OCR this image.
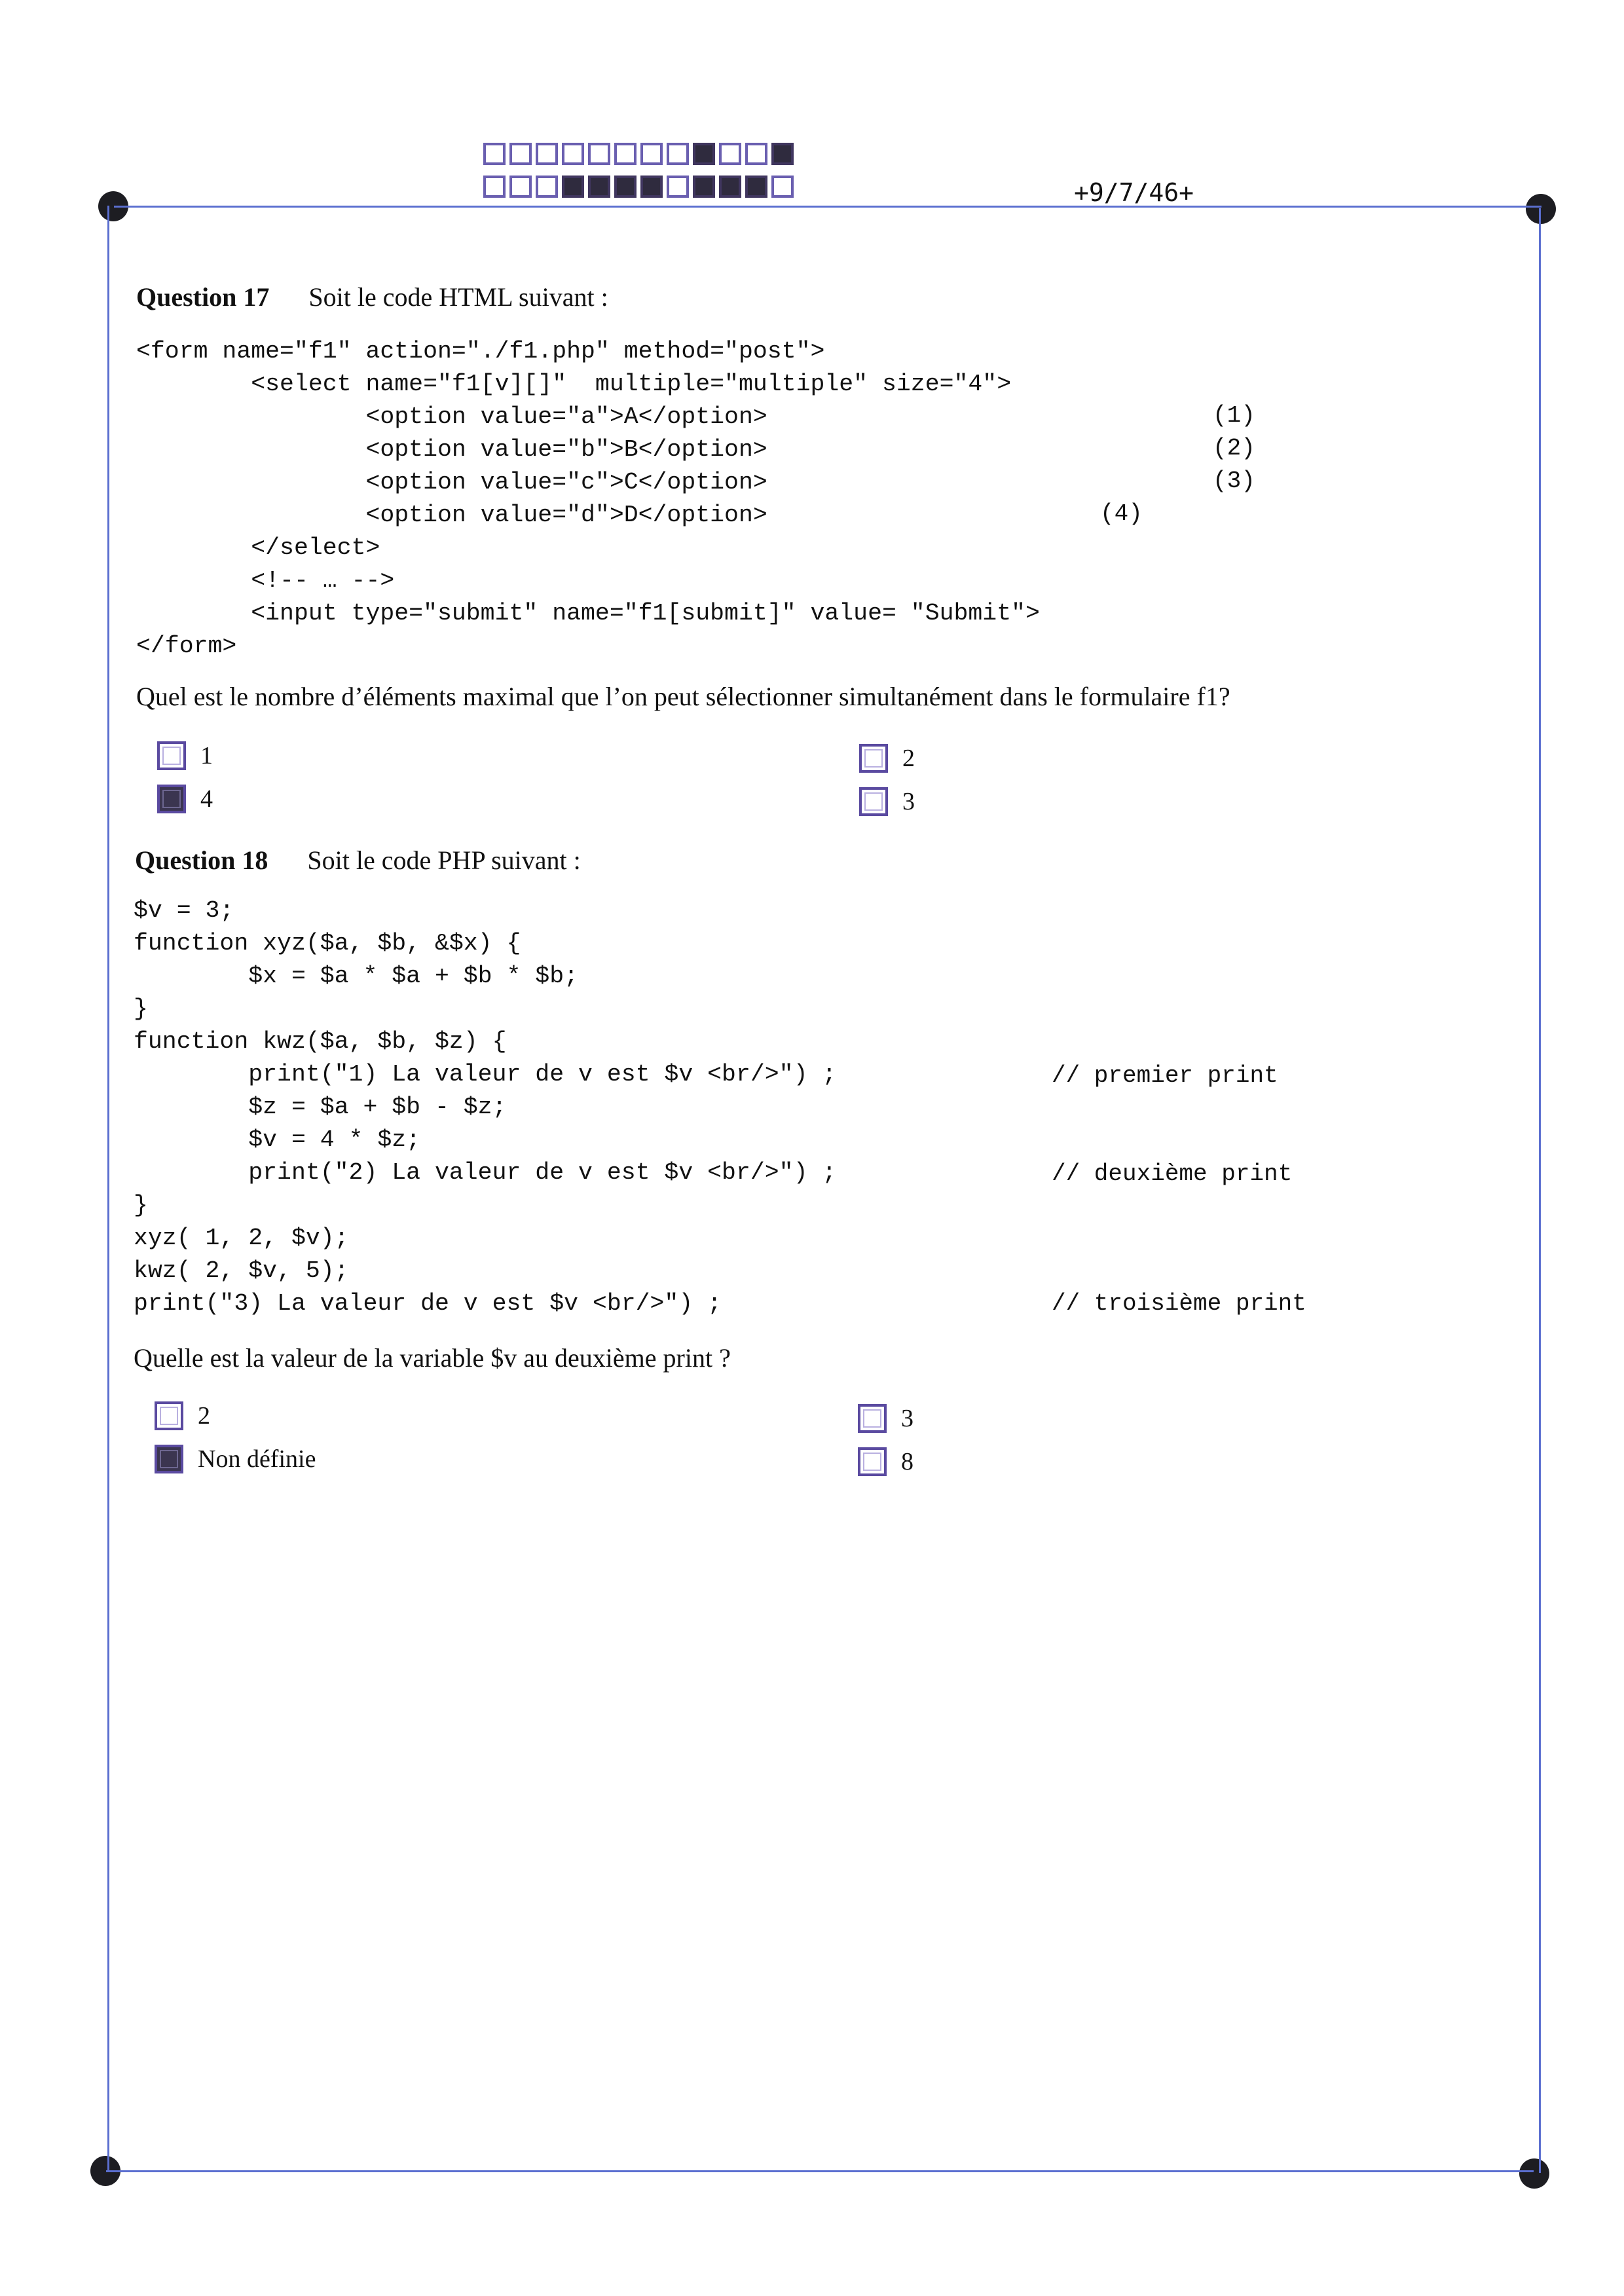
+9/7/46+
Question 17 Soit le code HTML suivant :
<form name="f1" action="./f1.php" method="post">
<select name="f1[v][]"  multiple="multiple" size="4">
<option value="a">A</option>
<option value="b">B</option>
<option value="c">C</option>
<option value="d">D</option>
</select>
<!-- … -->
<input type="submit" name="f1[submit]" value= "Submit">
</form>
(1)
(2)
(3)
(4)
Quel est le nombre d’éléments maximal que l’on peut sélectionner simultanément dans le formulaire f1?
1
4
2
3
Question 18 Soit le code PHP suivant :
$v = 3;
function xyz($a, $b, &$x) {
$x = $a * $a + $b * $b;
}
function kwz($a, $b, $z) {
print("1) La valeur de v est $v <br/>") ;
$z = $a + $b - $z;
$v = 4 * $z;
print("2) La valeur de v est $v <br/>") ;
}
xyz( 1, 2, $v);
kwz( 2, $v, 5);
print("3) La valeur de v est $v <br/>") ;
// premier print
// deuxième print
// troisième print
Quelle est la valeur de la variable $v au deuxième print ?
2
Non définie
3
8
